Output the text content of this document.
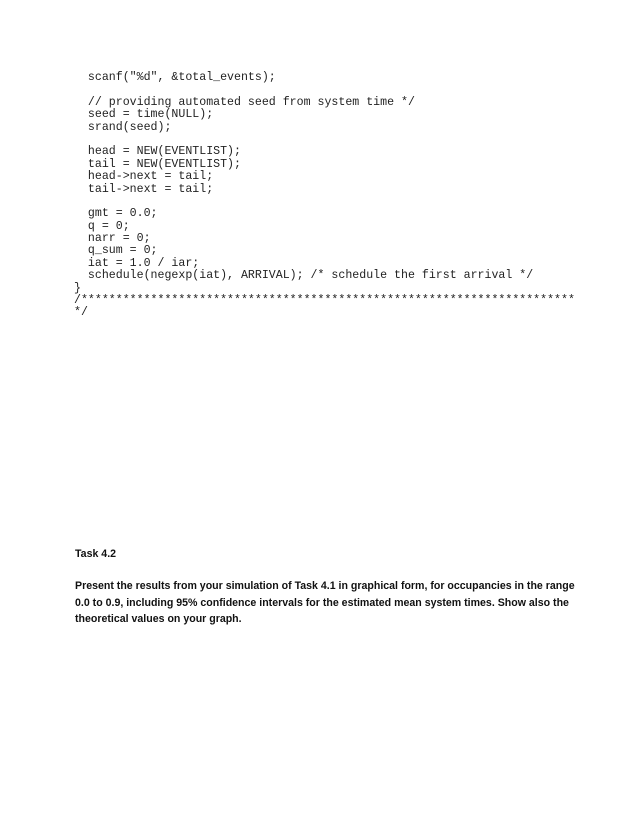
scanf("%d", &total_events);
// providing automated seed from system time */
seed = time(NULL);
srand(seed);
head = NEW(EVENTLIST);
tail = NEW(EVENTLIST);
head->next = tail;
tail->next = tail;
gmt = 0.0;
q = 0;
narr = 0;
q_sum = 0;
iat = 1.0 / iar;
schedule(negexp(iat), ARRIVAL); /* schedule the first arrival */
}
/***********************************************************************
*/

Task 4.2

Present the results from your simulation of Task 4.1 in graphical form, for occupancies in the range 0.0 to 0.9, including 95% confidence intervals for the estimated mean system times. Show also the theoretical values on your graph.
